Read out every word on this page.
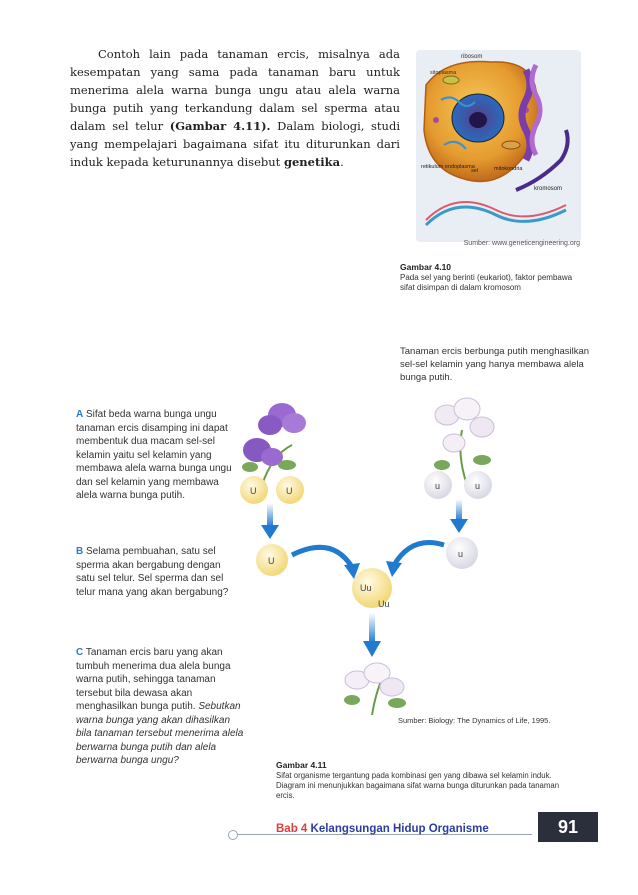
Contoh lain pada tanaman ercis, misalnya ada kesempatan yang sama pada tanaman baru untuk menerima alela warna bunga ungu atau alela warna bunga putih yang terkandung dalam sel sperma atau dalam sel telur (Gambar 4.11). Dalam biologi, studi yang mempelajari bagaimana sifat itu diturunkan dari induk kepada keturunannya disebut genetika.

ribosom
sitoplasma
retikulum endoplasma
sel	mitokondria
kromosom
Sumber: www.geneticengineering.org
Gambar 4.10
Pada sel yang berinti (eukariot), faktor pembawa sifat disimpan di dalam kromosom
Tanaman ercis berbunga putih menghasilkan sel-sel kelamin yang hanya membawa alela bunga putih.
A Sifat beda warna bunga ungu tanaman ercis disamping ini dapat membentuk dua macam sel-sel kelamin yaitu sel kelamin yang membawa alela warna bunga ungu dan sel kelamin yang membawa alela warna bunga putih.
B Selama pembuahan, satu sel sperma akan bergabung dengan satu sel telur. Sel sperma dan sel telur mana yang akan bergabung?
C Tanaman ercis baru yang akan tumbuh menerima dua alela bunga warna putih, sehingga tanaman tersebut bila dewasa akan menghasilkan bunga putih. Sebutkan warna bunga yang akan dihasilkan bila tanaman tersebut menerima alela berwarna bunga putih dan alela berwarna bunga ungu?
U	U	u	u
U
u
Uu
Uu
Sumber: Biology: The Dynamics of Life, 1995.
Gambar 4.11
Sifat organisme tergantung pada kombinasi gen yang dibawa sel kelamin induk. Diagram ini menunjukkan bagaimana sifat warna bunga diturunkan pada tanaman ercis.
Bab 4 Kelangsungan Hidup Organisme	91
